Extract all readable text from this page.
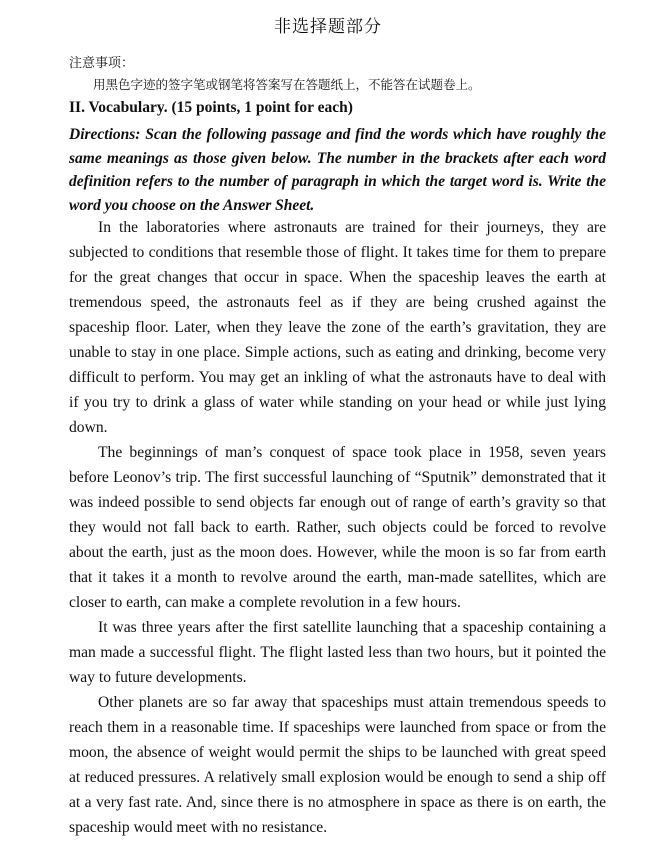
非选择题部分
注意事项：
用黑色字迹的签字笔或钢笔将答案写在答题纸上，不能答在试题卷上。
II. Vocabulary. (15 points, 1 point for each)
Directions: Scan the following passage and find the words which have roughly the same meanings as those given below. The number in the brackets after each word definition refers to the number of paragraph in which the target word is. Write the word you choose on the Answer Sheet.

In the laboratories where astronauts are trained for their journeys, they are subjected to conditions that resemble those of flight. It takes time for them to prepare for the great changes that occur in space. When the spaceship leaves the earth at tremendous speed, the astronauts feel as if they are being crushed against the spaceship floor. Later, when they leave the zone of the earth’s gravitation, they are unable to stay in one place. Simple actions, such as eating and drinking, become very difficult to perform. You may get an inkling of what the astronauts have to deal with if you try to drink a glass of water while standing on your head or while just lying down.

The beginnings of man’s conquest of space took place in 1958, seven years before Leonov’s trip. The first successful launching of “Sputnik” demonstrated that it was indeed possible to send objects far enough out of range of earth’s gravity so that they would not fall back to earth. Rather, such objects could be forced to revolve about the earth, just as the moon does. However, while the moon is so far from earth that it takes it a month to revolve around the earth, man-made satellites, which are closer to earth, can make a complete revolution in a few hours.

It was three years after the first satellite launching that a spaceship containing a man made a successful flight. The flight lasted less than two hours, but it pointed the way to future developments.

Other planets are so far away that spaceships must attain tremendous speeds to reach them in a reasonable time. If spaceships were launched from space or from the moon, the absence of weight would permit the ships to be launched with great speed at reduced pressures. A relatively small explosion would be enough to send a ship off at a very fast rate. And, since there is no atmosphere in space as there is on earth, the spaceship would meet with no resistance.
